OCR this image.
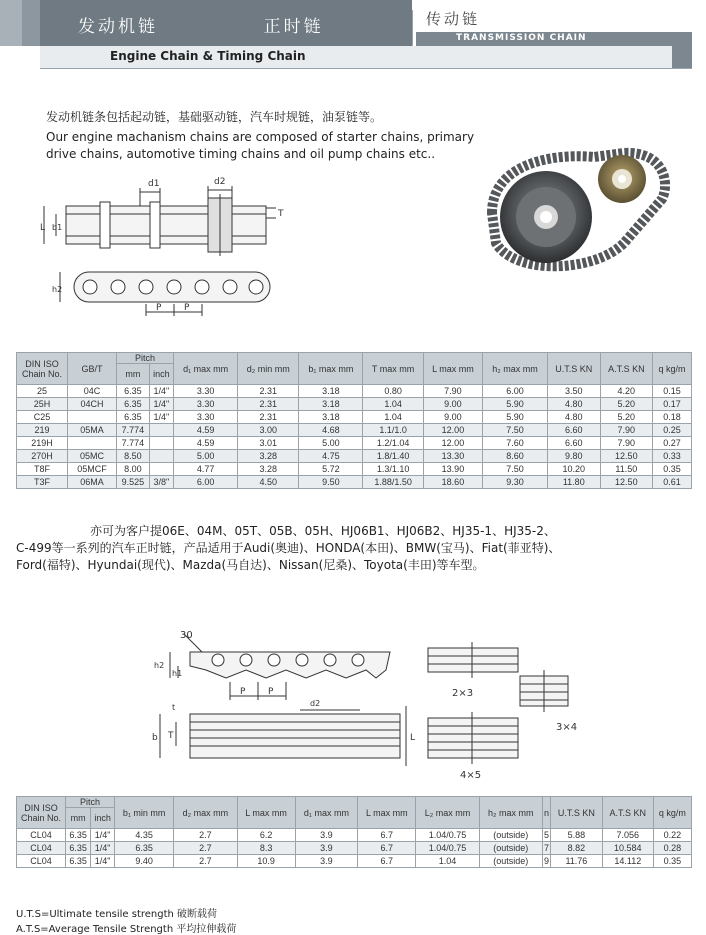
发动机链    正时链	传动链
TRANSMISSION CHAIN
Engine Chain & Timing Chain
发动机链条包括起动链，基础驱动链，汽车时规链，油泵链等。
Our engine machanism chains are composed of starter chains, primary
drive chains, automotive timing chains and oil pump chains etc..
d1	d2
T
L b1
h2
P	P
DIN ISO Chain No.	GB/T	Pitch		d₁ max mm	d₂ min mm	b₁ max mm	T max mm	L max mm	h₂ max mm	U.T.S KN	A.T.S KN	q kg/m
		mm	inch									
25	04C	6.35	1/4"	3.30	2.31	3.18	0.80	7.90	6.00	3.50	4.20	0.15
25H	04CH	6.35	1/4"	3.30	2.31	3.18	1.04	9.00	5.90	4.80	5.20	0.17
C25		6.35	1/4"	3.30	2.31	3.18	1.04	9.00	5.90	4.80	5.20	0.18
219	05MA	7.774		4.59	3.00	4.68	1.1/1.0	12.00	7.50	6.60	7.90	0.25
219H		7.774		4.59	3.01	5.00	1.2/1.04	12.00	7.60	6.60	7.90	0.27
270H	05MC	8.50		5.00	3.28	4.75	1.8/1.40	13.30	8.60	9.80	12.50	0.33
T8F	05MCF	8.00		4.77	3.28	5.72	1.3/1.10	13.90	7.50	10.20	11.50	0.35
T3F	06MA	9.525	3/8"	6.00	4.50	9.50	1.88/1.50	18.60	9.30	11.80	12.50	0.61
亦可为客户提06E、04M、05T、05B、05H、HJ06B1、HJ06B2、HJ35-1、HJ35-2、
C-499等一系列的汽车正时链，产品适用于Audi(奥迪)、HONDA(本田)、BMW(宝马)、Fiat(菲亚特)、
Ford(福特)、Hyundai(现代)、Mazda(马自达)、Nissan(尼桑)、Toyota(丰田)等车型。
30
h2
h1
P	P
d2
t
b T	L
2×3
3×4
4×5
DIN ISO Chain No.	Pitch		b₁ min mm	d₂ max mm	L max mm	d₁ max mm	L max mm	L₂ max mm	h₂ max mm	n	U.T.S KN	A.T.S KN	q kg/m
	mm	inch											
CL04	6.35	1/4"	4.35	2.7	6.2	3.9	6.7	1.04/0.75	(outside)	5	5.88	7.056	0.22
CL04	6.35	1/4"	6.35	2.7	8.3	3.9	6.7	1.04/0.75	(outside)	7	8.82	10.584	0.28
CL04	6.35	1/4"	9.40	2.7	10.9	3.9	6.7	1.04	(outside)	9	11.76	14.112	0.35
U.T.S=Ultimate tensile strength 破断载荷
A.T.S=Average Tensile Strength 平均拉伸载荷
